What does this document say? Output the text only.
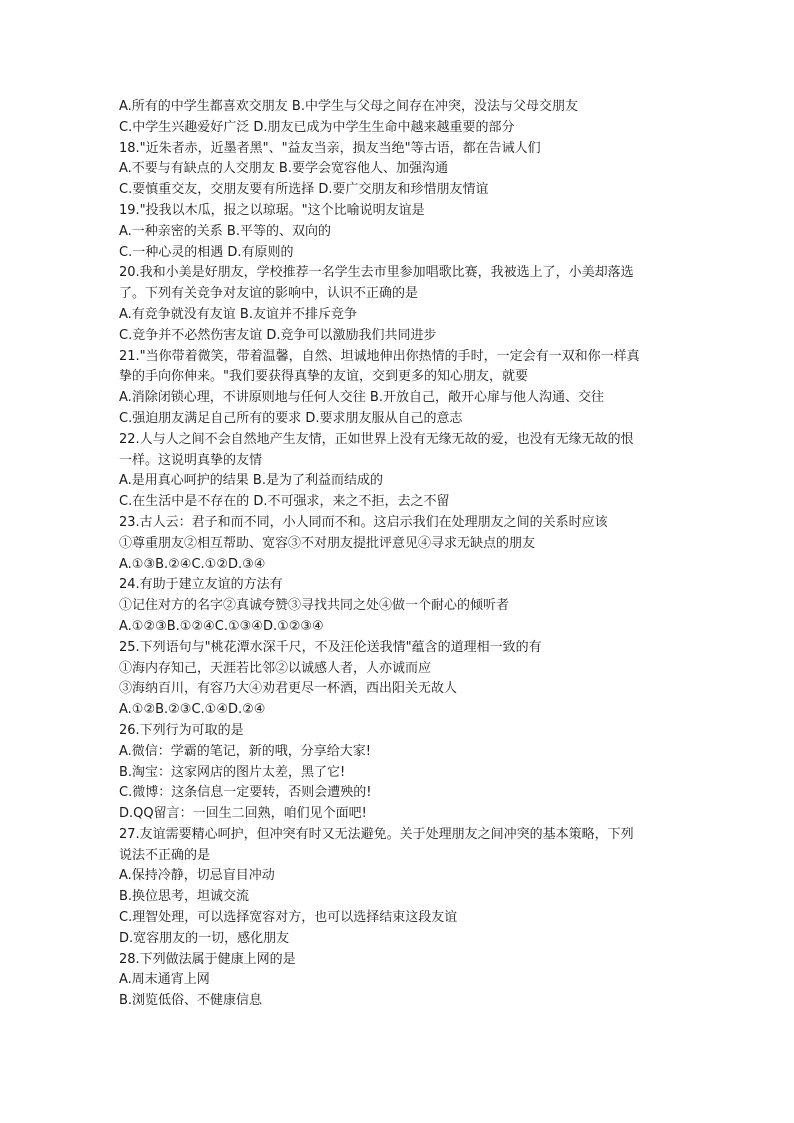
A.所有的中学生都喜欢交朋友 B.中学生与父母之间存在冲突，没法与父母交朋友
C.中学生兴趣爱好广泛 D.朋友已成为中学生生命中越来越重要的部分
18."近朱者赤，近墨者黑"、"益友当亲，损友当绝"等古语，都在告诫人们
A.不要与有缺点的人交朋友 B.要学会宽容他人、加强沟通
C.要慎重交友，交朋友要有所选择 D.要广交朋友和珍惜朋友情谊
19."投我以木瓜，报之以琼琚。"这个比喻说明友谊是
A.一种亲密的关系 B.平等的、双向的
C.一种心灵的相遇 D.有原则的
20.我和小美是好朋友，学校推荐一名学生去市里参加唱歌比赛，我被选上了，小美却落选
了。下列有关竞争对友谊的影响中，认识不正确的是
A.有竞争就没有友谊 B.友谊并不排斥竞争
C.竞争并不必然伤害友谊 D.竞争可以激励我们共同进步
21."当你带着微笑，带着温馨，自然、坦诚地伸出你热情的手时，一定会有一双和你一样真
挚的手向你伸来。"我们要获得真挚的友谊，交到更多的知心朋友，就要
A.消除闭锁心理，不讲原则地与任何人交往 B.开放自己，敞开心扉与他人沟通、交往
C.强迫朋友满足自己所有的要求 D.要求朋友服从自己的意志
22.人与人之间不会自然地产生友情，正如世界上没有无缘无故的爱，也没有无缘无故的恨
一样。这说明真挚的友情
A.是用真心呵护的结果 B.是为了利益而结成的
C.在生活中是不存在的 D.不可强求，来之不拒，去之不留
23.古人云：君子和而不同，小人同而不和。这启示我们在处理朋友之间的关系时应该
①尊重朋友②相互帮助、宽容③不对朋友提批评意见④寻求无缺点的朋友
A.①③B.②④C.①②D.③④
24.有助于建立友谊的方法有
①记住对方的名字②真诚夸赞③寻找共同之处④做一个耐心的倾听者
A.①②③B.①②④C.①③④D.①②③④
25.下列语句与"桃花潭水深千尺，不及汪伦送我情"蕴含的道理相一致的有
①海内存知己，天涯若比邻②以诚感人者，人亦诚而应
③海纳百川，有容乃大④劝君更尽一杯酒，西出阳关无故人
A.①②B.②③C.①④D.②④
26.下列行为可取的是
A.微信：学霸的笔记，新的哦，分享给大家!
B.淘宝：这家网店的图片太差，黑了它!
C.微博：这条信息一定要转，否则会遭殃的!
D.QQ留言：一回生二回熟，咱们见个面吧!
27.友谊需要精心呵护，但冲突有时又无法避免。关于处理朋友之间冲突的基本策略，下列
说法不正确的是
A.保持冷静，切忌盲目冲动
B.换位思考，坦诚交流
C.理智处理，可以选择宽容对方，也可以选择结束这段友谊
D.宽容朋友的一切，感化朋友
28.下列做法属于健康上网的是
A.周末通宵上网
B.浏览低俗、不健康信息
